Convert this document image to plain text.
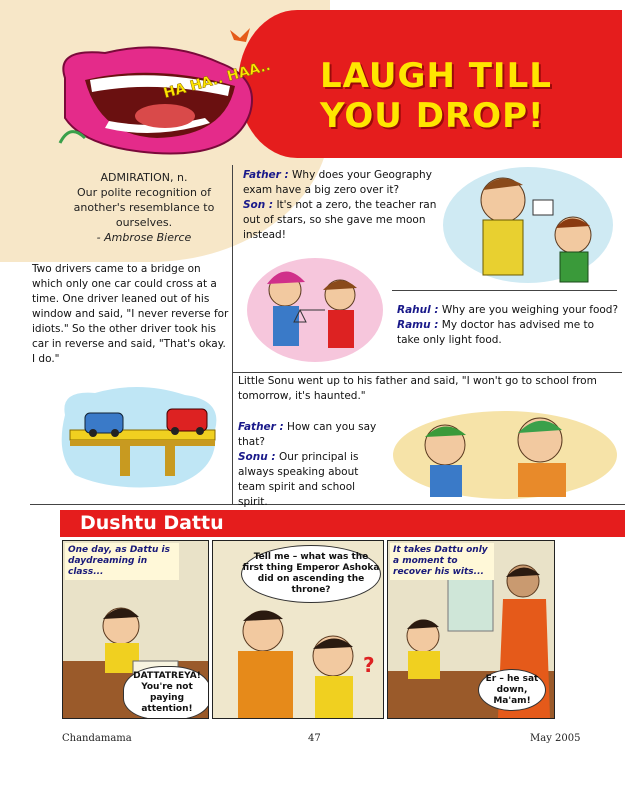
HA HA.. HAA.. LAUGH TILL
YOU DROP!
ADMIRATION, n.
Our polite recognition of another's resemblance to ourselves.
- Ambrose Bierce
Two drivers came to a bridge on which only one car could cross at a time. One driver leaned out of his window and said, "I never reverse for idiots." So the other driver took his car in reverse and said, "That's okay. I do."
Father : Why does your Geography exam have a big zero over it?
Son : It's not a zero, the teacher ran out of stars, so she gave me moon instead!
Rahul : Why are you weighing your food?
Ramu : My doctor has advised me to take only light food.
Little Sonu went up to his father and said, "I won't go to school from tomorrow, it's haunted."
Father : How can you say that?
Sonu : Our principal is always speaking about team spirit and school spirit.
Dushtu Dattu
One day, as Dattu is daydreaming in class...
DATTATREYA! You're not paying attention!
Tell me – what was the first thing Emperor Ashoka did on ascending the throne?
?
It takes Dattu only a moment to recover his wits...
Er – he sat down, Ma'am!
Chandamama	47	May 2005
